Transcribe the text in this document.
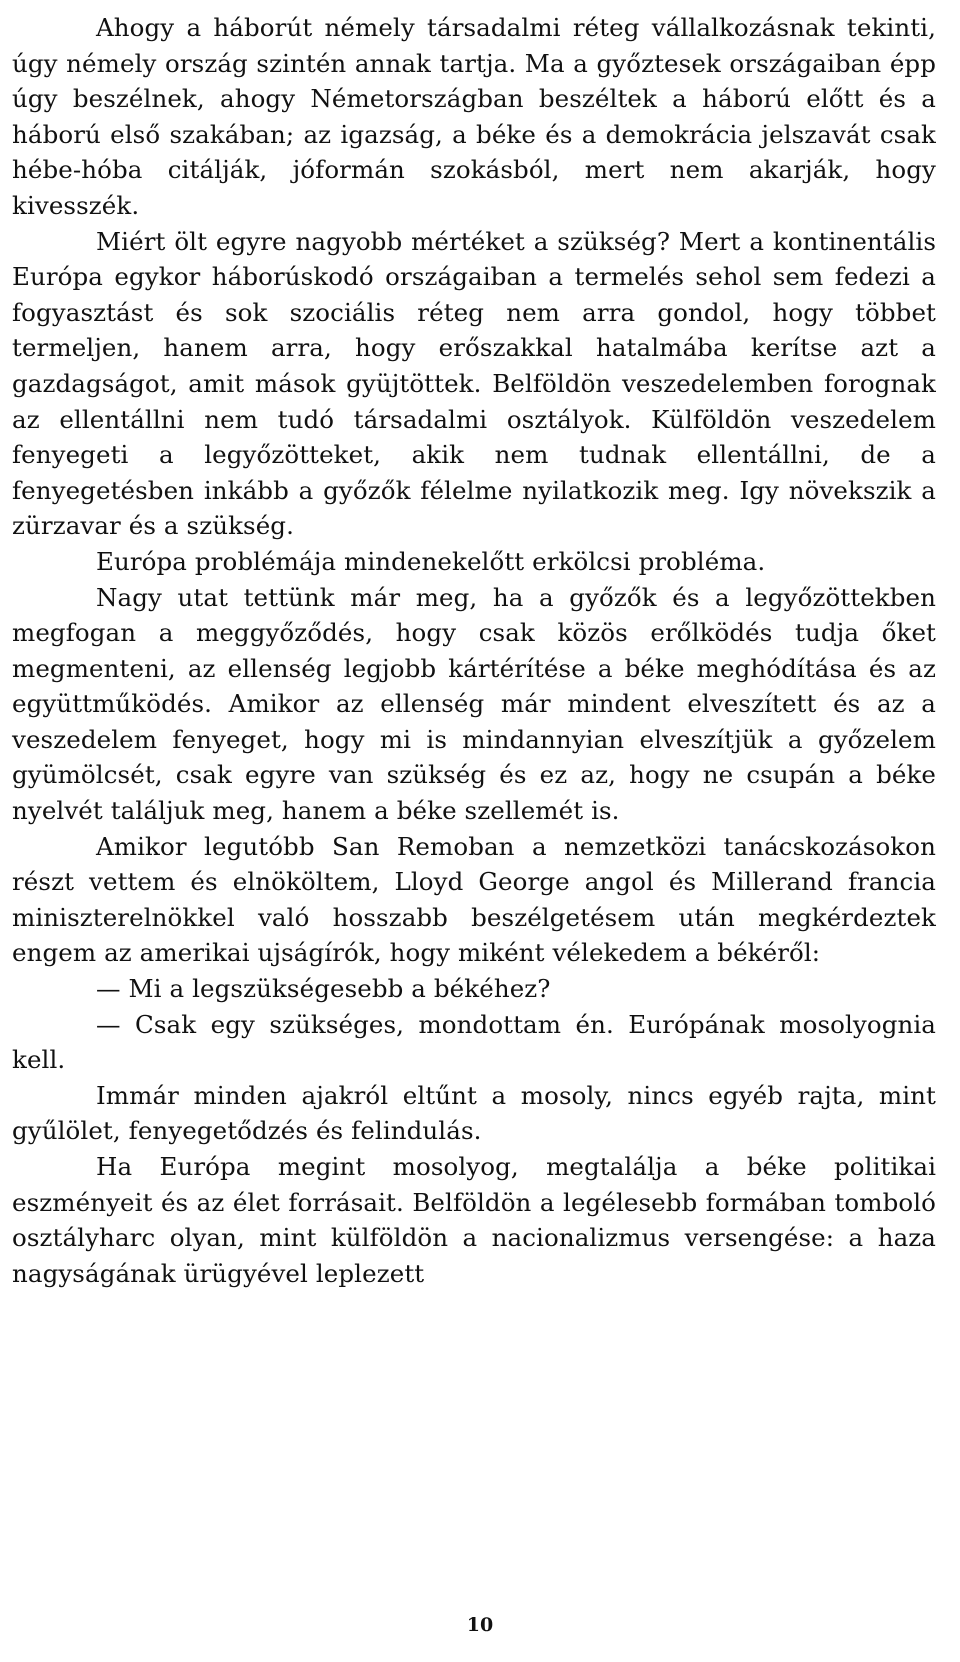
Ahogy a háborút némely társadalmi réteg vállalkozásnak tekinti, úgy némely ország szintén annak tartja. Ma a győztesek országaiban épp úgy beszélnek, ahogy Németországban beszéltek a háború előtt és a háború első szakában; az igazság, a béke és a demokrácia jelszavát csak hébe-hóba citálják, jóformán szokásból, mert nem akarják, hogy kivesszék.

Miért ölt egyre nagyobb mértéket a szükség? Mert a kontinentális Európa egykor háborúskodó országaiban a termelés sehol sem fedezi a fogyasztást és sok szociális réteg nem arra gondol, hogy többet termeljen, hanem arra, hogy erőszakkal hatalmába kerítse azt a gazdagságot, amit mások gyüjtöttek. Belföldön veszedelemben forognak az ellentállni nem tudó társadalmi osztályok. Külföldön veszedelem fenyegeti a legyőzötteket, akik nem tudnak ellentállni, de a fenyegetésben inkább a győzők félelme nyilatkozik meg. Igy növekszik a zürzavar és a szükség.

Európa problémája mindenekelőtt erkölcsi probléma.

Nagy utat tettünk már meg, ha a győzők és a legyőzöttekben megfogan a meggyőződés, hogy csak közös erőlködés tudja őket megmenteni, az ellenség legjobb kártérítése a béke meghódítása és az együttműködés. Amikor az ellenség már mindent elveszített és az a veszedelem fenyeget, hogy mi is mindannyian elveszítjük a győzelem gyümölcsét, csak egyre van szükség és ez az, hogy ne csupán a béke nyelvét találjuk meg, hanem a béke szellemét is.

Amikor legutóbb San Remoban a nemzetközi tanácskozásokon részt vettem és elnököltem, Lloyd George angol és Millerand francia miniszterelnökkel való hosszabb beszélgetésem után megkérdeztek engem az amerikai ujságírók, hogy miként vélekedem a békéről:

— Mi a legszükségesebb a békéhez?

— Csak egy szükséges, mondottam én. Európának mosolyognia kell.

Immár minden ajakról eltűnt a mosoly, nincs egyéb rajta, mint gyűlölet, fenyegetődzés és felindulás.

Ha Európa megint mosolyog, megtalálja a béke politikai eszményeit és az élet forrásait. Belföldön a legélesebb formában tomboló osztályharc olyan, mint külföldön a nacionalizmus versengése: a haza nagyságának ürügyével leplezett

10
